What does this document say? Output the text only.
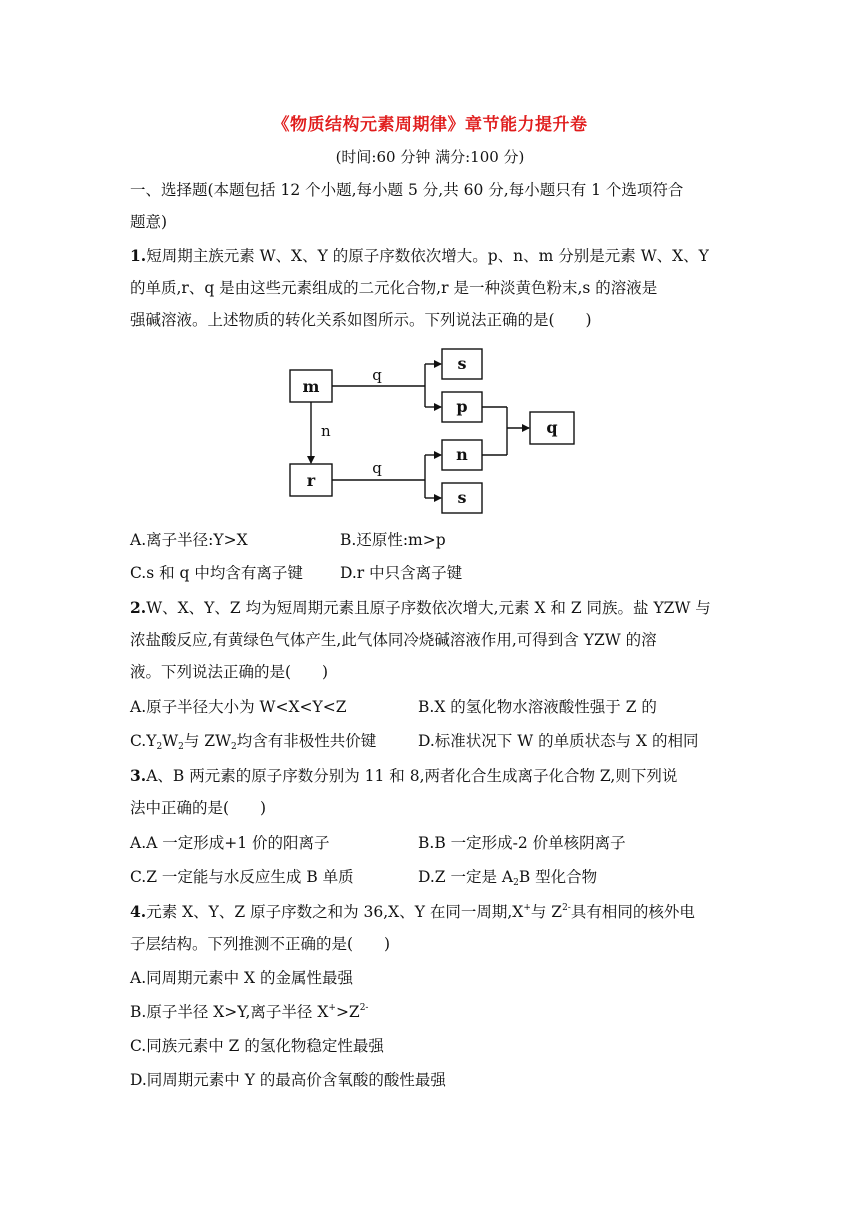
《物质结构元素周期律》章节能力提升卷
(时间:60 分钟 满分:100 分)
一、选择题(本题包括 12 个小题,每小题 5 分,共 60 分,每小题只有 1 个选项符合
题意)
1.短周期主族元素 W、X、Y 的原子序数依次增大。p、n、m 分别是元素 W、X、Y
的单质,r、q 是由这些元素组成的二元化合物,r 是一种淡黄色粉末,s 的溶液是
强碱溶液。上述物质的转化关系如图所示。下列说法正确的是(　　)
A.离子半径:Y>X	B.还原性:m>p
C.s 和 q 中均含有离子键 D.r 中只含离子键
2.W、X、Y、Z 均为短周期元素且原子序数依次增大,元素 X 和 Z 同族。盐 YZW 与
浓盐酸反应,有黄绿色气体产生,此气体同冷烧碱溶液作用,可得到含 YZW 的溶
液。下列说法正确的是(　　)
A.原子半径大小为 W<X<Y<Z	B.X 的氢化物水溶液酸性强于 Z 的
$C.Y_2W_2$与 $ZW_2$均含有非极性共价键	D.标准状况下 W 的单质状态与 X 的相同
3.A、B 两元素的原子序数分别为 11 和 8,两者化合生成离子化合物 Z,则下列说
法中正确的是(　　)
A.A 一定形成+1 价的阳离子	B.B 一定形成-2 价单核阴离子
C.Z 一定能与水反应生成 B 单质	D.Z 一定是 $A_2B$ 型化合物
4.元素 X、Y、Z 原子序数之和为 36,X、Y 在同一周期,X+与 $Z^{2-}$具有相同的核外电
子层结构。下列推测不正确的是(　　)
A.同周期元素中 X 的金属性最强
B.原子半径 X>Y,离子半径 $X^+>Z^{2-}$
C.同族元素中 Z 的氢化物稳定性最强
D.同周期元素中 Y 的最高价含氧酸的酸性最强
m
r
s
p
q
n
s
q
n
q
